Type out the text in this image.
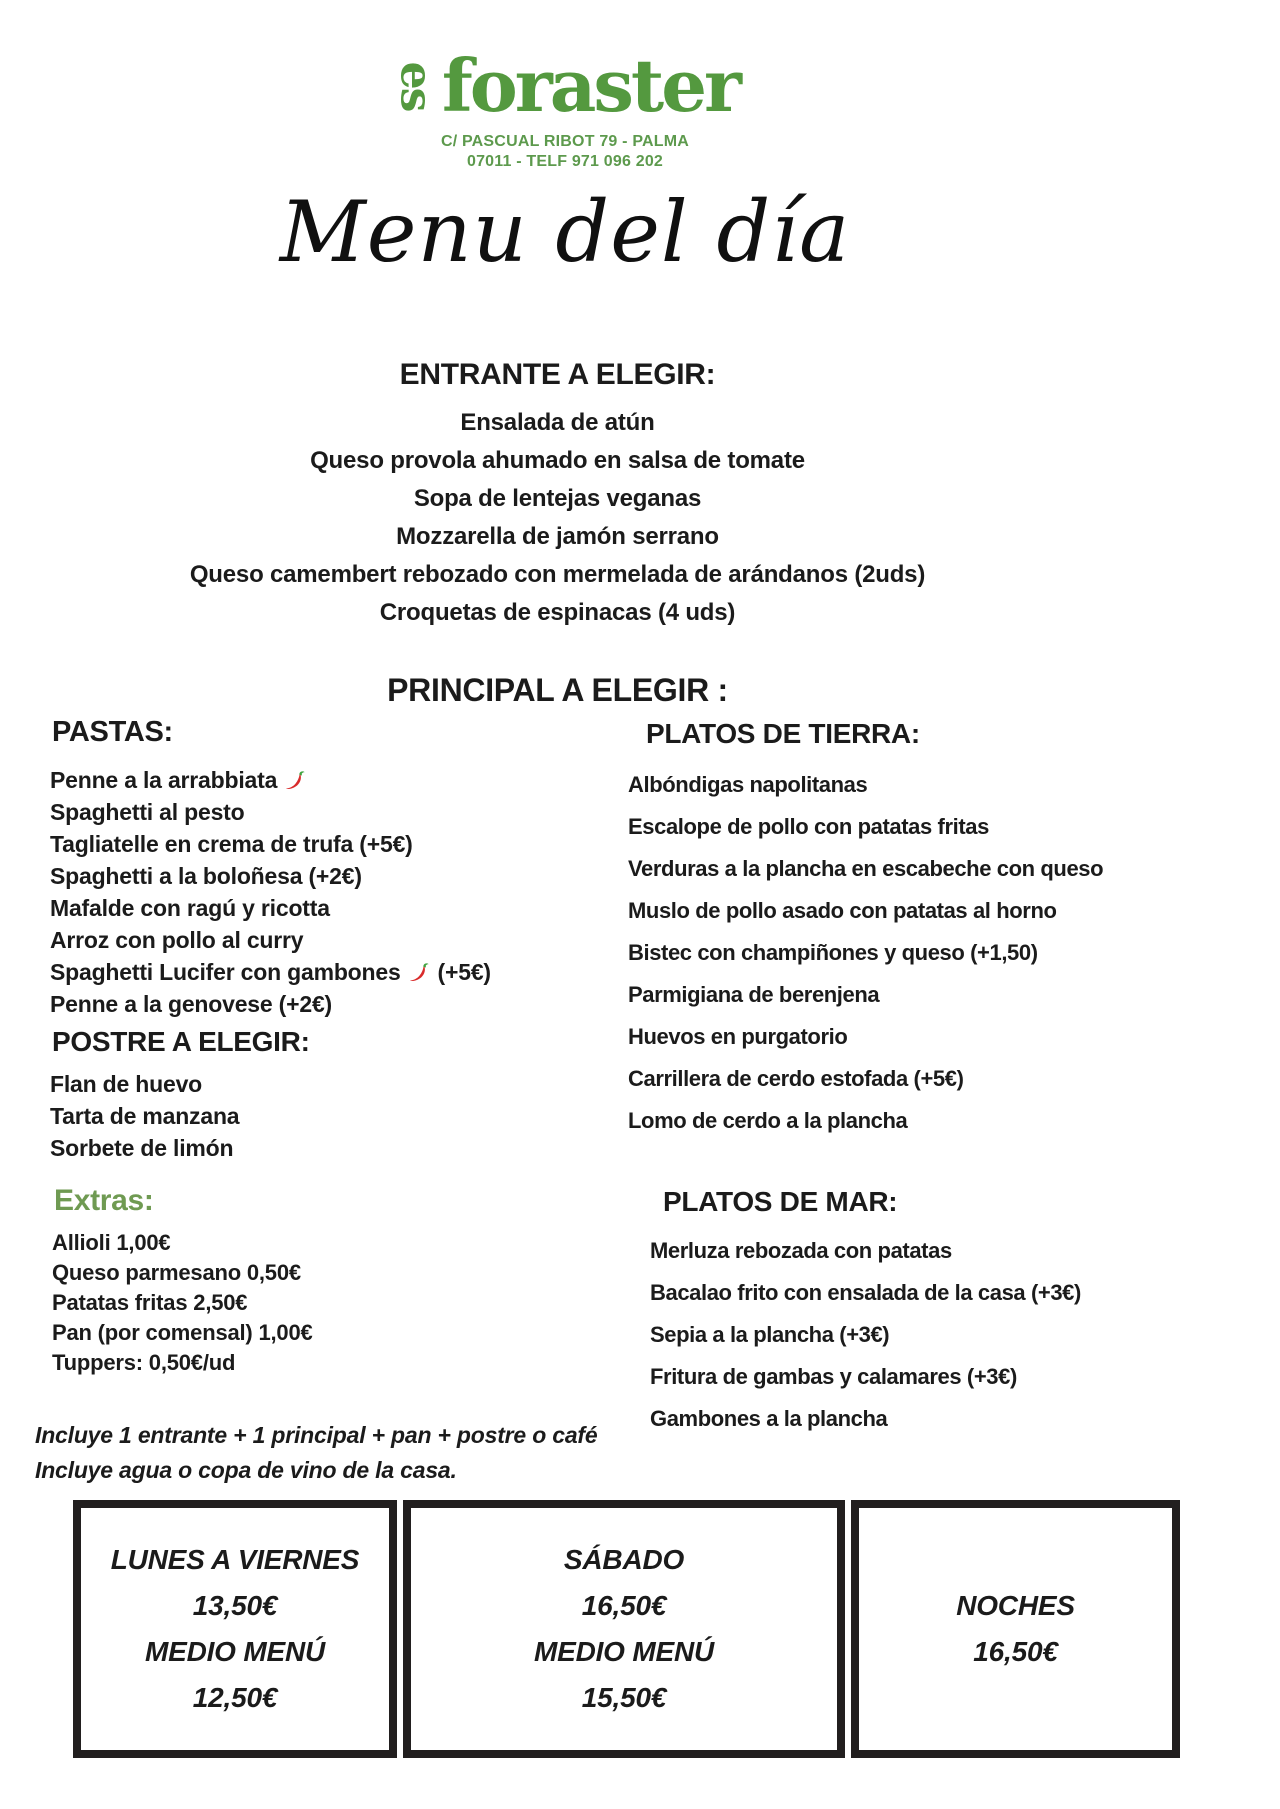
es foraster
C/ PASCUAL RIBOT 79 - PALMA
07011 - TELF 971 096 202
Menu del día
ENTRANTE A ELEGIR:
Ensalada de atún
Queso provola ahumado en salsa de tomate
Sopa de lentejas veganas
Mozzarella de jamón serrano
Queso camembert rebozado con mermelada de arándanos (2uds)
Croquetas de espinacas (4 uds)
PRINCIPAL A ELEGIR :
PASTAS:
Penne a la arrabbiata
Spaghetti al pesto
Tagliatelle en crema de trufa (+5€)
Spaghetti a la boloñesa (+2€)
Mafalde con ragú y ricotta
Arroz con pollo al curry
Spaghetti Lucifer con gambones (+5€)
Penne a la genovese (+2€)
POSTRE A ELEGIR:
Flan de huevo
Tarta de manzana
Sorbete de limón
Extras:
Allioli 1,00€
Queso parmesano 0,50€
Patatas fritas 2,50€
Pan (por comensal) 1,00€
Tuppers: 0,50€/ud
PLATOS DE TIERRA:
Albóndigas napolitanas
Escalope de pollo con patatas fritas
Verduras a la plancha en escabeche con queso
Muslo de pollo asado con patatas al horno
Bistec con champiñones y queso (+1,50)
Parmigiana de berenjena
Huevos en purgatorio
Carrillera de cerdo estofada (+5€)
Lomo de cerdo a la plancha
PLATOS DE MAR:
Merluza rebozada con patatas
Bacalao frito con ensalada de la casa (+3€)
Sepia a la plancha (+3€)
Fritura de gambas y calamares (+3€)
Gambones a la plancha
Incluye 1 entrante + 1 principal + pan + postre o café
Incluye agua o copa de vino de la casa.

LUNES A VIERNES

13,50€

MEDIO MENÚ

12,50€

SÁBADO

16,50€

MEDIO MENÚ

15,50€

NOCHES

16,50€
